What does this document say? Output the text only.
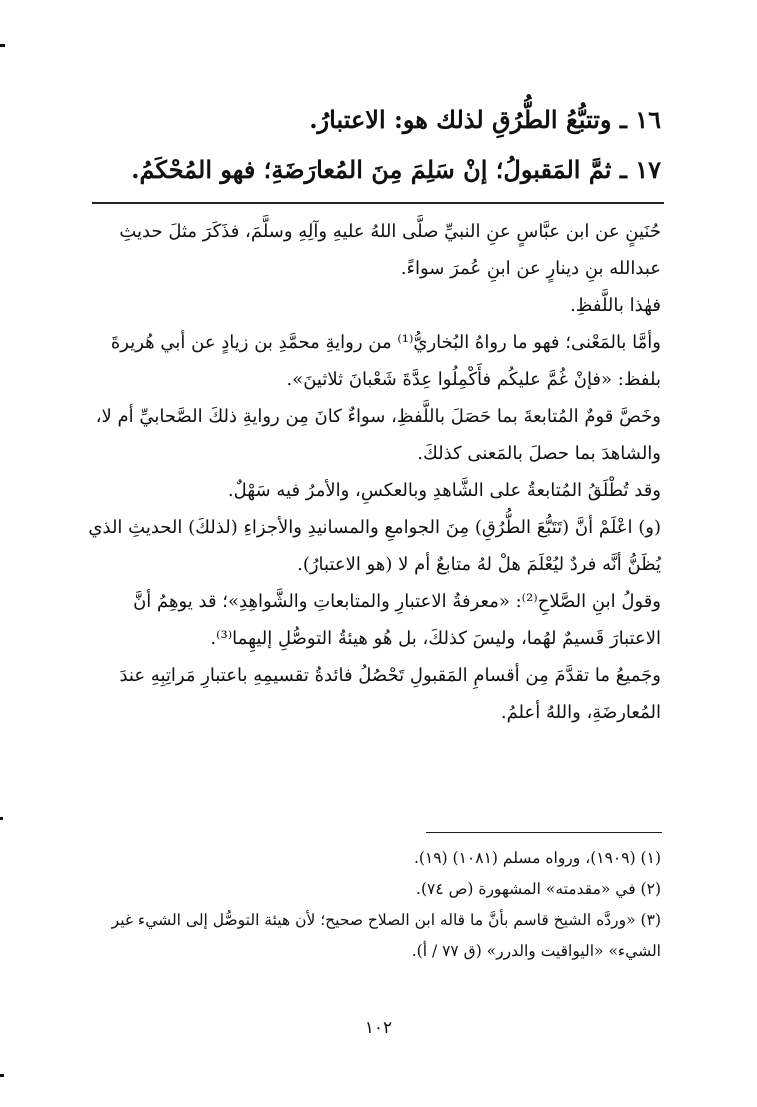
١٦ ـ وتتبُّعُ الطُّرُقِ لذلك هو: الاعتبارُ.
١٧ ـ ثمَّ المَقبولُ؛ إنْ سَلِمَ مِنَ المُعارَضَةِ؛ فهو المُحْكَمُ.

حُنَينٍ عن ابن عبَّاسٍ عنِ النبيِّ صلَّى اللهُ عليهِ وآلِهِ وسلَّمَ، فذَكَرَ مثلَ حديثِ عبدالله بنِ دينارٍ عن ابنِ عُمرَ سواءً.

فهٰذا باللَّفظِ.

وأمَّا بالمَعْنى؛ فهو ما رواهُ البُخاريُّ⁽¹⁾ من روايةِ محمَّدِ بن زيادٍ عن أبي هُريرةَ بلفظ: «فإنْ غُمَّ عليكُم فأَكْمِلُوا عِدَّةَ شَعْبانَ ثلاثينَ».

وخَصَّ قومٌ المُتابعةَ بما حَصَلَ باللَّفظِ، سواءٌ كانَ مِن روايةِ ذلكَ الصَّحابيِّ أم لا، والشاهدَ بما حصلَ بالمَعنى كذلكَ.

وقد تُطْلَقُ المُتابعةُ على الشَّاهدِ وبالعكسِ، والأمرُ فيه سَهْلٌ.

(و) اعْلَمْ أنَّ (تَتَبُّعَ الطُّرُقِ) مِنَ الجوامعِ والمسانيدِ والأجزاءِ (لذلكَ) الحديثِ الذي يُظَنُّ أنَّه فردٌ ليُعْلَمَ هلْ لهُ متابعٌ أم لا (هو الاعتبارُ).

وقولُ ابنِ الصَّلاحِ⁽²⁾: «معرفةُ الاعتبارِ والمتابعاتِ والشَّواهِدِ»؛ قد يوهِمُ أنَّ الاعتبارَ قَسيمٌ لهُما، وليسَ كذلكَ، بل هُو هيئةُ التوصُّلِ إليهِما⁽³⁾.

وجَميعُ ما تقدَّمَ مِن أقسامِ المَقبولِ تَحْصُلُ فائدةُ تقسيمِهِ باعتبارِ مَراتِبِهِ عندَ المُعارضَةِ، واللهُ أعلمُ.

(١) (١٩٠٩)، ورواه مسلم (١٠٨١) (١٩).

(٢) في «مقدمته» المشهورة (ص ٧٤).

(٣) «وردَّه الشيخ قاسم بأنَّ ما قاله ابن الصلاح صحيح؛ لأن هيئة التوصُّل إلى الشيء غير الشيء» «اليواقيت والدرر» (ق ٧٧ / أ).

١٠٢
